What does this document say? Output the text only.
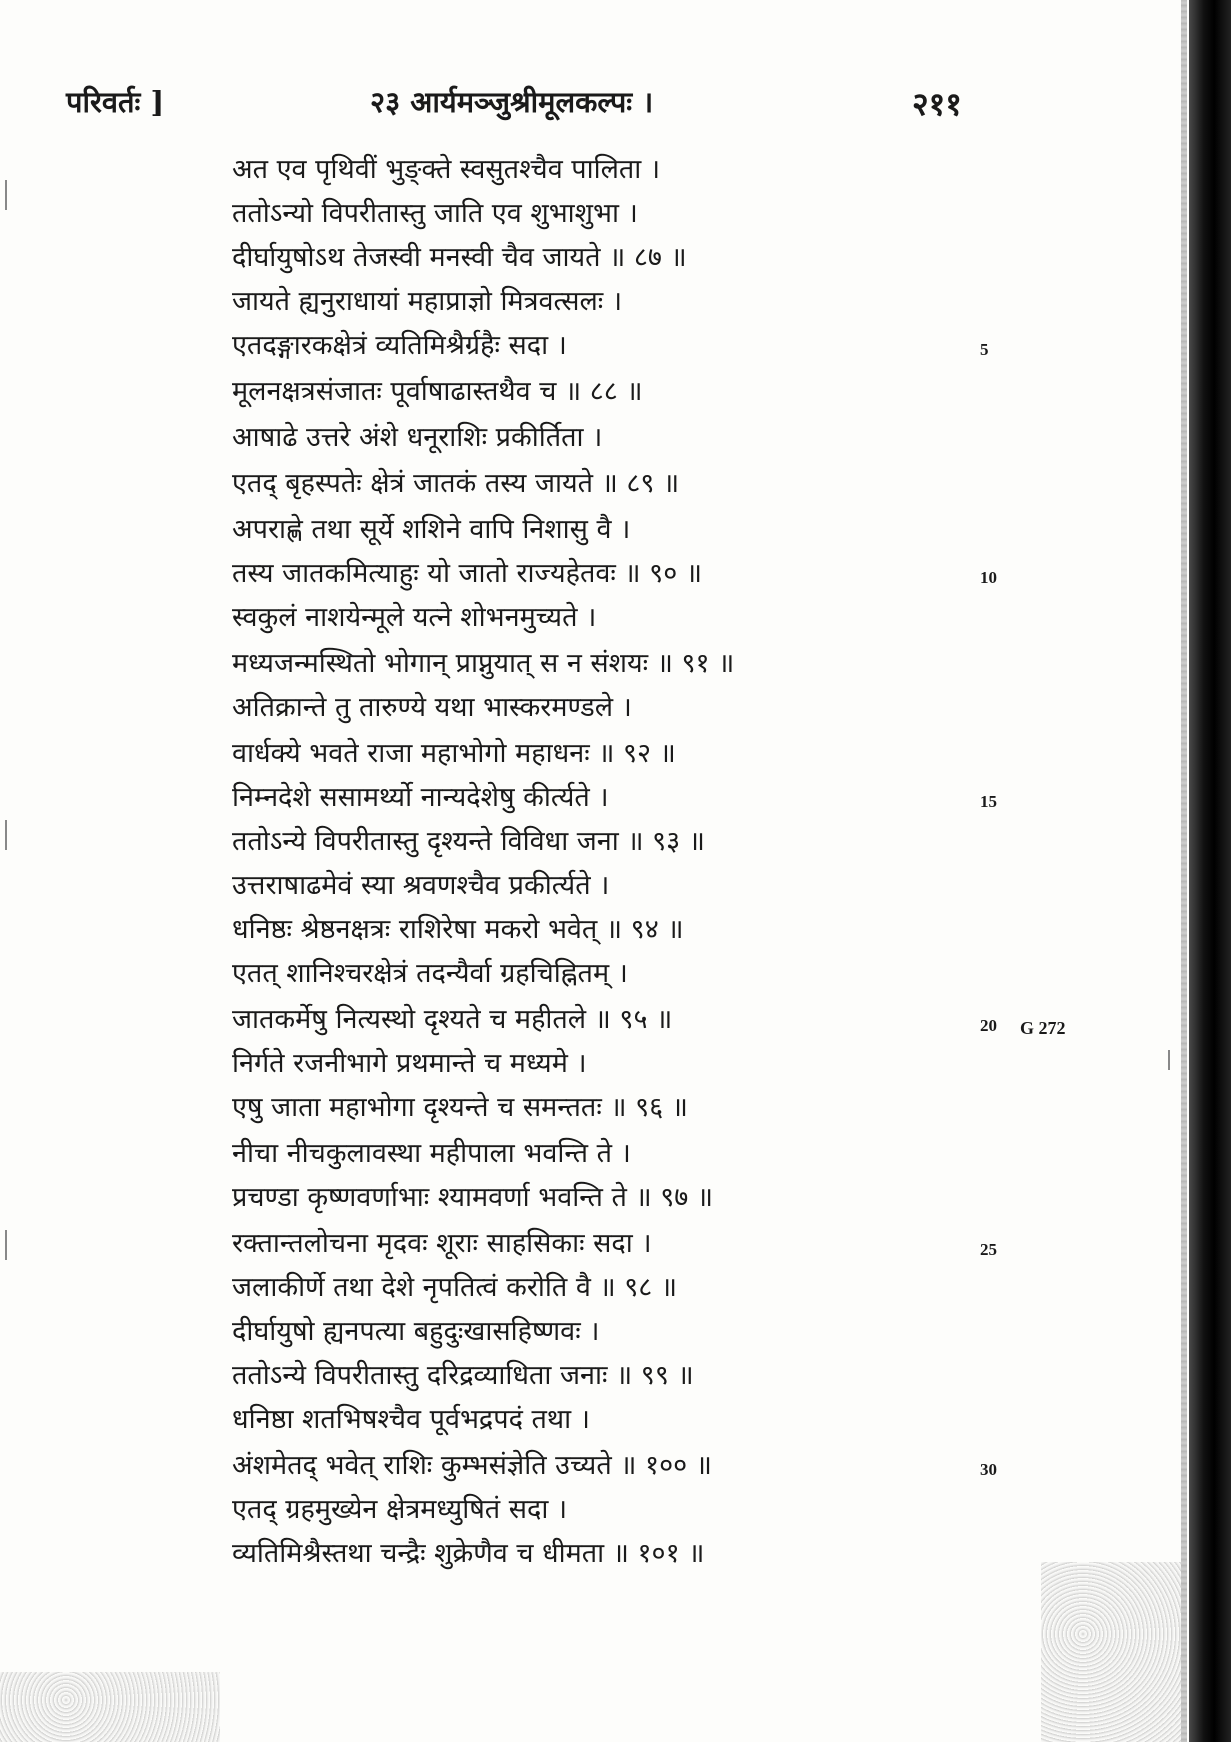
परिवर्तः ]	२३ आर्यमञ्जुश्रीमूलकल्पः ।	२११
अत एव पृथिवीं भुङ्क्ते स्वसुतश्चैव पालिता ।
ततोऽन्यो विपरीतास्तु जाति एव शुभाशुभा ।
दीर्घायुषोऽथ तेजस्वी मनस्वी चैव जायते ॥ ८७ ॥
जायते ह्यनुराधायां महाप्राज्ञो मित्रवत्सलः ।
एतदङ्गारकक्षेत्रं व्यतिमिश्रैर्ग्रहैः सदा ।
मूलनक्षत्रसंजातः पूर्वाषाढास्तथैव च ॥ ८८ ॥
आषाढे उत्तरे अंशे धनूराशिः प्रकीर्तिता ।
एतद् बृहस्पतेः क्षेत्रं जातकं तस्य जायते ॥ ८९ ॥
अपराह्णे तथा सूर्ये शशिने वापि निशासु वै ।
तस्य जातकमित्याहुः यो जातो राज्यहेतवः ॥ ९० ॥
स्वकुलं नाशयेन्मूले यत्ने शोभनमुच्यते ।
मध्यजन्मस्थितो भोगान् प्राप्नुयात् स न संशयः ॥ ९१ ॥
अतिक्रान्ते तु तारुण्ये यथा भास्करमण्डले ।
वार्धक्ये भवते राजा महाभोगो महाधनः ॥ ९२ ॥
निम्नदेशे ससामर्थ्यो नान्यदेशेषु कीर्त्यते ।
ततोऽन्ये विपरीतास्तु दृश्यन्ते विविधा जना ॥ ९३ ॥
उत्तराषाढमेवं स्या श्रवणश्चैव प्रकीर्त्यते ।
धनिष्ठः श्रेष्ठनक्षत्रः राशिरेषा मकरो भवेत् ॥ ९४ ॥
एतत् शानिश्चरक्षेत्रं तदन्यैर्वा ग्रहचिह्नितम् ।
जातकर्मेषु नित्यस्थो दृश्यते च महीतले ॥ ९५ ॥
निर्गते रजनीभागे प्रथमान्ते च मध्यमे ।
एषु जाता महाभोगा दृश्यन्ते च समन्ततः ॥ ९६ ॥
नीचा नीचकुलावस्था महीपाला भवन्ति ते ।
प्रचण्डा कृष्णवर्णाभाः श्यामवर्णा भवन्ति ते ॥ ९७ ॥
रक्तान्तलोचना मृदवः शूराः साहसिकाः सदा ।
जलाकीर्णे तथा देशे नृपतित्वं करोति वै ॥ ९८ ॥
दीर्घायुषो ह्यनपत्या बहुदुःखासहिष्णवः ।
ततोऽन्ये विपरीतास्तु दरिद्रव्याधिता जनाः ॥ ९९ ॥
धनिष्ठा शतभिषश्चैव पूर्वभद्रपदं तथा ।
अंशमेतद् भवेत् राशिः कुम्भसंज्ञेति उच्यते ॥ १०० ॥
एतद् ग्रहमुख्येन क्षेत्रमध्युषितं सदा ।
व्यतिमिश्रैस्तथा चन्द्रैः शुक्रेणैव च धीमता ॥ १०१ ॥
5
10
15
20
25
30
G 272
